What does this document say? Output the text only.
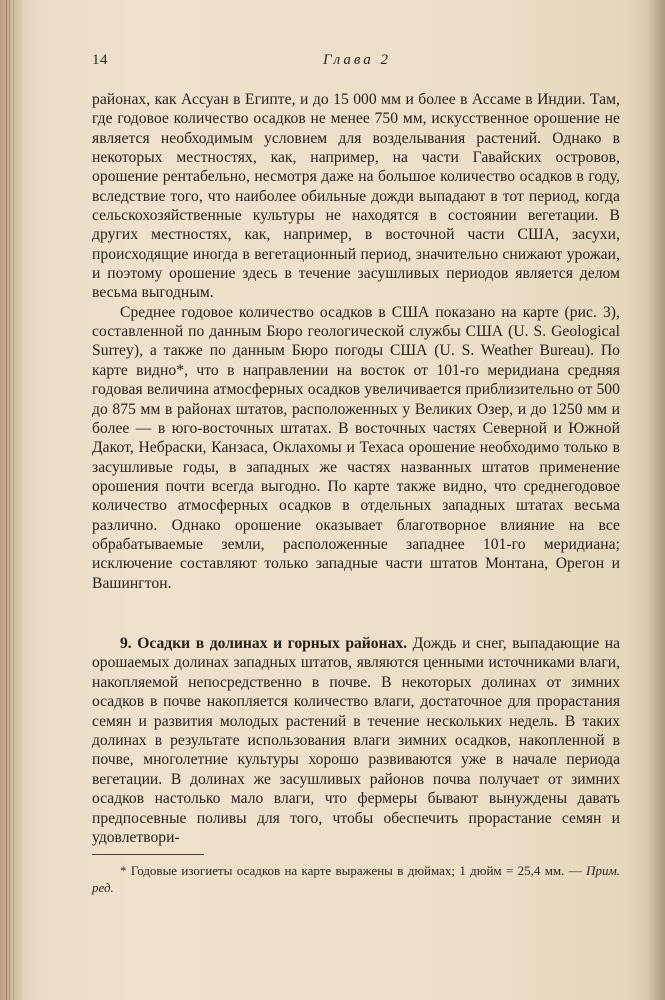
Глава 2
14

районах, как Ассуан в Египте, и до 15 000 мм и более в Ассаме в Индии. Там, где годовое количество осадков не менее 750 мм, искусственное орошение не является необходимым условием для возделывания растений. Однако в некоторых местностях, как, например, на части Гавайских островов, орошение рентабельно, несмотря даже на большое количество осадков в году, вследствие того, что наиболее обильные дожди выпадают в тот период, когда сельскохозяйственные культуры не находятся в состоянии вегетации. В других местностях, как, например, в восточной части США, засухи, происходящие иногда в вегетационный период, значительно снижают урожаи, и поэтому орошение здесь в течение засушливых периодов является делом весьма выгодным.

Среднее годовое количество осадков в США показано на карте (рис. 3), составленной по данным Бюро геологической службы США (U. S. Geological Surrey), а также по данным Бюро погоды США (U. S. Weather Bureau). По карте видно*, что в направлении на восток от 101-го меридиана средняя годовая величина атмосферных осадков увеличивается приблизительно от 500 до 875 мм в районах штатов, расположенных у Великих Озер, и до 1250 мм и более — в юго-восточных штатах. В восточных частях Северной и Южной Дакот, Небраски, Канзаса, Оклахомы и Техаса орошение необходимо только в засушливые годы, в западных же частях названных штатов применение орошения почти всегда выгодно. По карте также видно, что среднегодовое количество атмосферных осадков в отдельных западных штатах весьма различно. Однако орошение оказывает благотворное влияние на все обрабатываемые земли, расположенные западнее 101-го меридиана; исключение составляют только западные части штатов Монтана, Орегон и Вашингтон.

9. Осадки в долинах и горных районах. Дождь и снег, выпадающие на орошаемых долинах западных штатов, являются ценными источниками влаги, накопляемой непосредственно в почве. В некоторых долинах от зимних осадков в почве накопляется количество влаги, достаточное для прорастания семян и развития молодых растений в течение нескольких недель. В таких долинах в результате использования влаги зимних осадков, накопленной в почве, многолетние культуры хорошо развиваются уже в начале периода вегетации. В долинах же засушливых районов почва получает от зимних осадков настолько мало влаги, что фермеры бывают вынуждены давать предпосевные поливы для того, чтобы обеспечить прорастание семян и удовлетвори-

* Годовые изогиеты осадков на карте выражены в дюймах; 1 дюйм = 25,4 мм. — Прим. ред.
